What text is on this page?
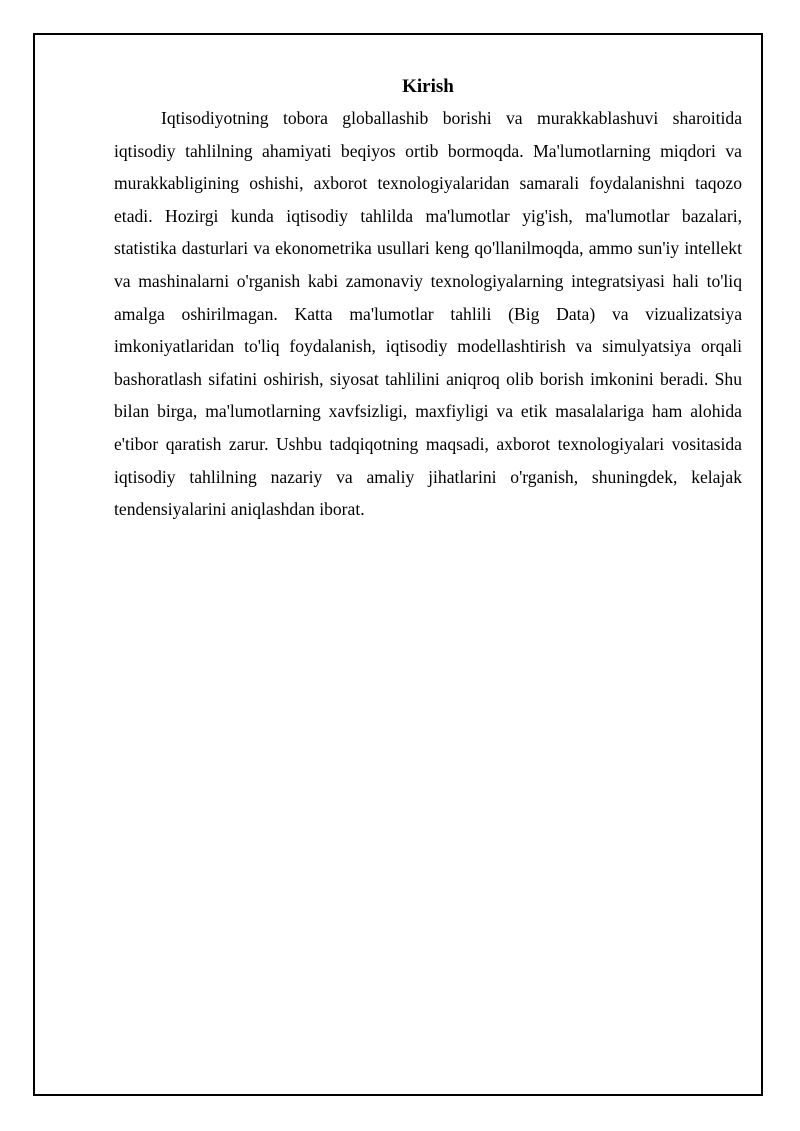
Kirish

Iqtisodiyotning tobora globallashib borishi va murakkablashuvi sharoitida iqtisodiy tahlilning ahamiyati beqiyos ortib bormoqda. Ma'lumotlarning miqdori va murakkabligining oshishi, axborot texnologiyalaridan samarali foydalanishni taqozo etadi. Hozirgi kunda iqtisodiy tahlilda ma'lumotlar yig'ish, ma'lumotlar bazalari, statistika dasturlari va ekonometrika usullari keng qo'llanilmoqda, ammo sun'iy intellekt va mashinalarni o'rganish kabi zamonaviy texnologiyalarning integratsiyasi hali to'liq amalga oshirilmagan. Katta ma'lumotlar tahlili (Big Data) va vizualizatsiya imkoniyatlaridan to'liq foydalanish, iqtisodiy modellashtirish va simulyatsiya orqali bashoratlash sifatini oshirish, siyosat tahlilini aniqroq olib borish imkonini beradi. Shu bilan birga, ma'lumotlarning xavfsizligi, maxfiyligi va etik masalalariga ham alohida e'tibor qaratish zarur. Ushbu tadqiqotning maqsadi, axborot texnologiyalari vositasida iqtisodiy tahlilning nazariy va amaliy jihatlarini o'rganish, shuningdek, kelajak tendensiyalarini aniqlashdan iborat.
